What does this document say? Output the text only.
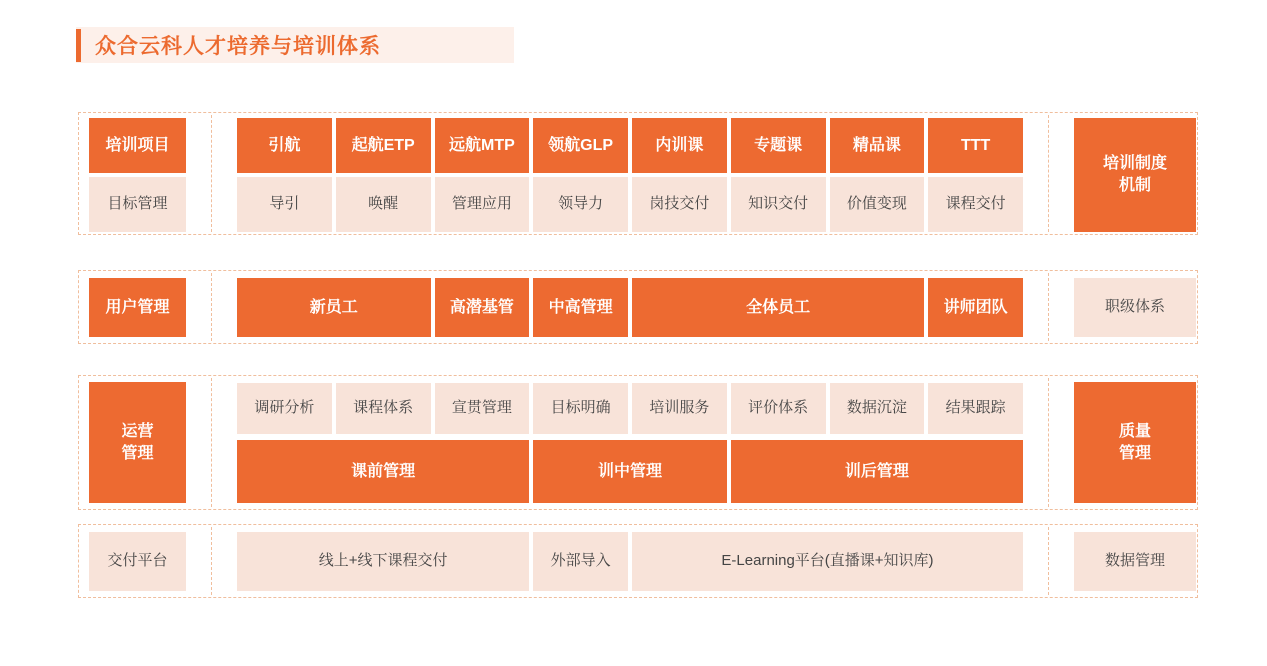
众合云科人才培养与培训体系
培训项目
目标管理
引航	起航ETP	远航MTP	领航GLP	内训课	专题课	精品课	TTT
导引	唤醒	管理应用	领导力	岗技交付	知识交付	价值变现	课程交付
培训制度
机制
用户管理	新员工	高潜基管	中高管理	全体员工	讲师团队	职级体系
运营
管理
调研分析	课程体系	宣贯管理	目标明确	培训服务	评价体系	数据沉淀	结果跟踪
课前管理	训中管理	训后管理
质量
管理
交付平台	线上+线下课程交付	外部导入	E-Learning平台(直播课+知识库)	数据管理
